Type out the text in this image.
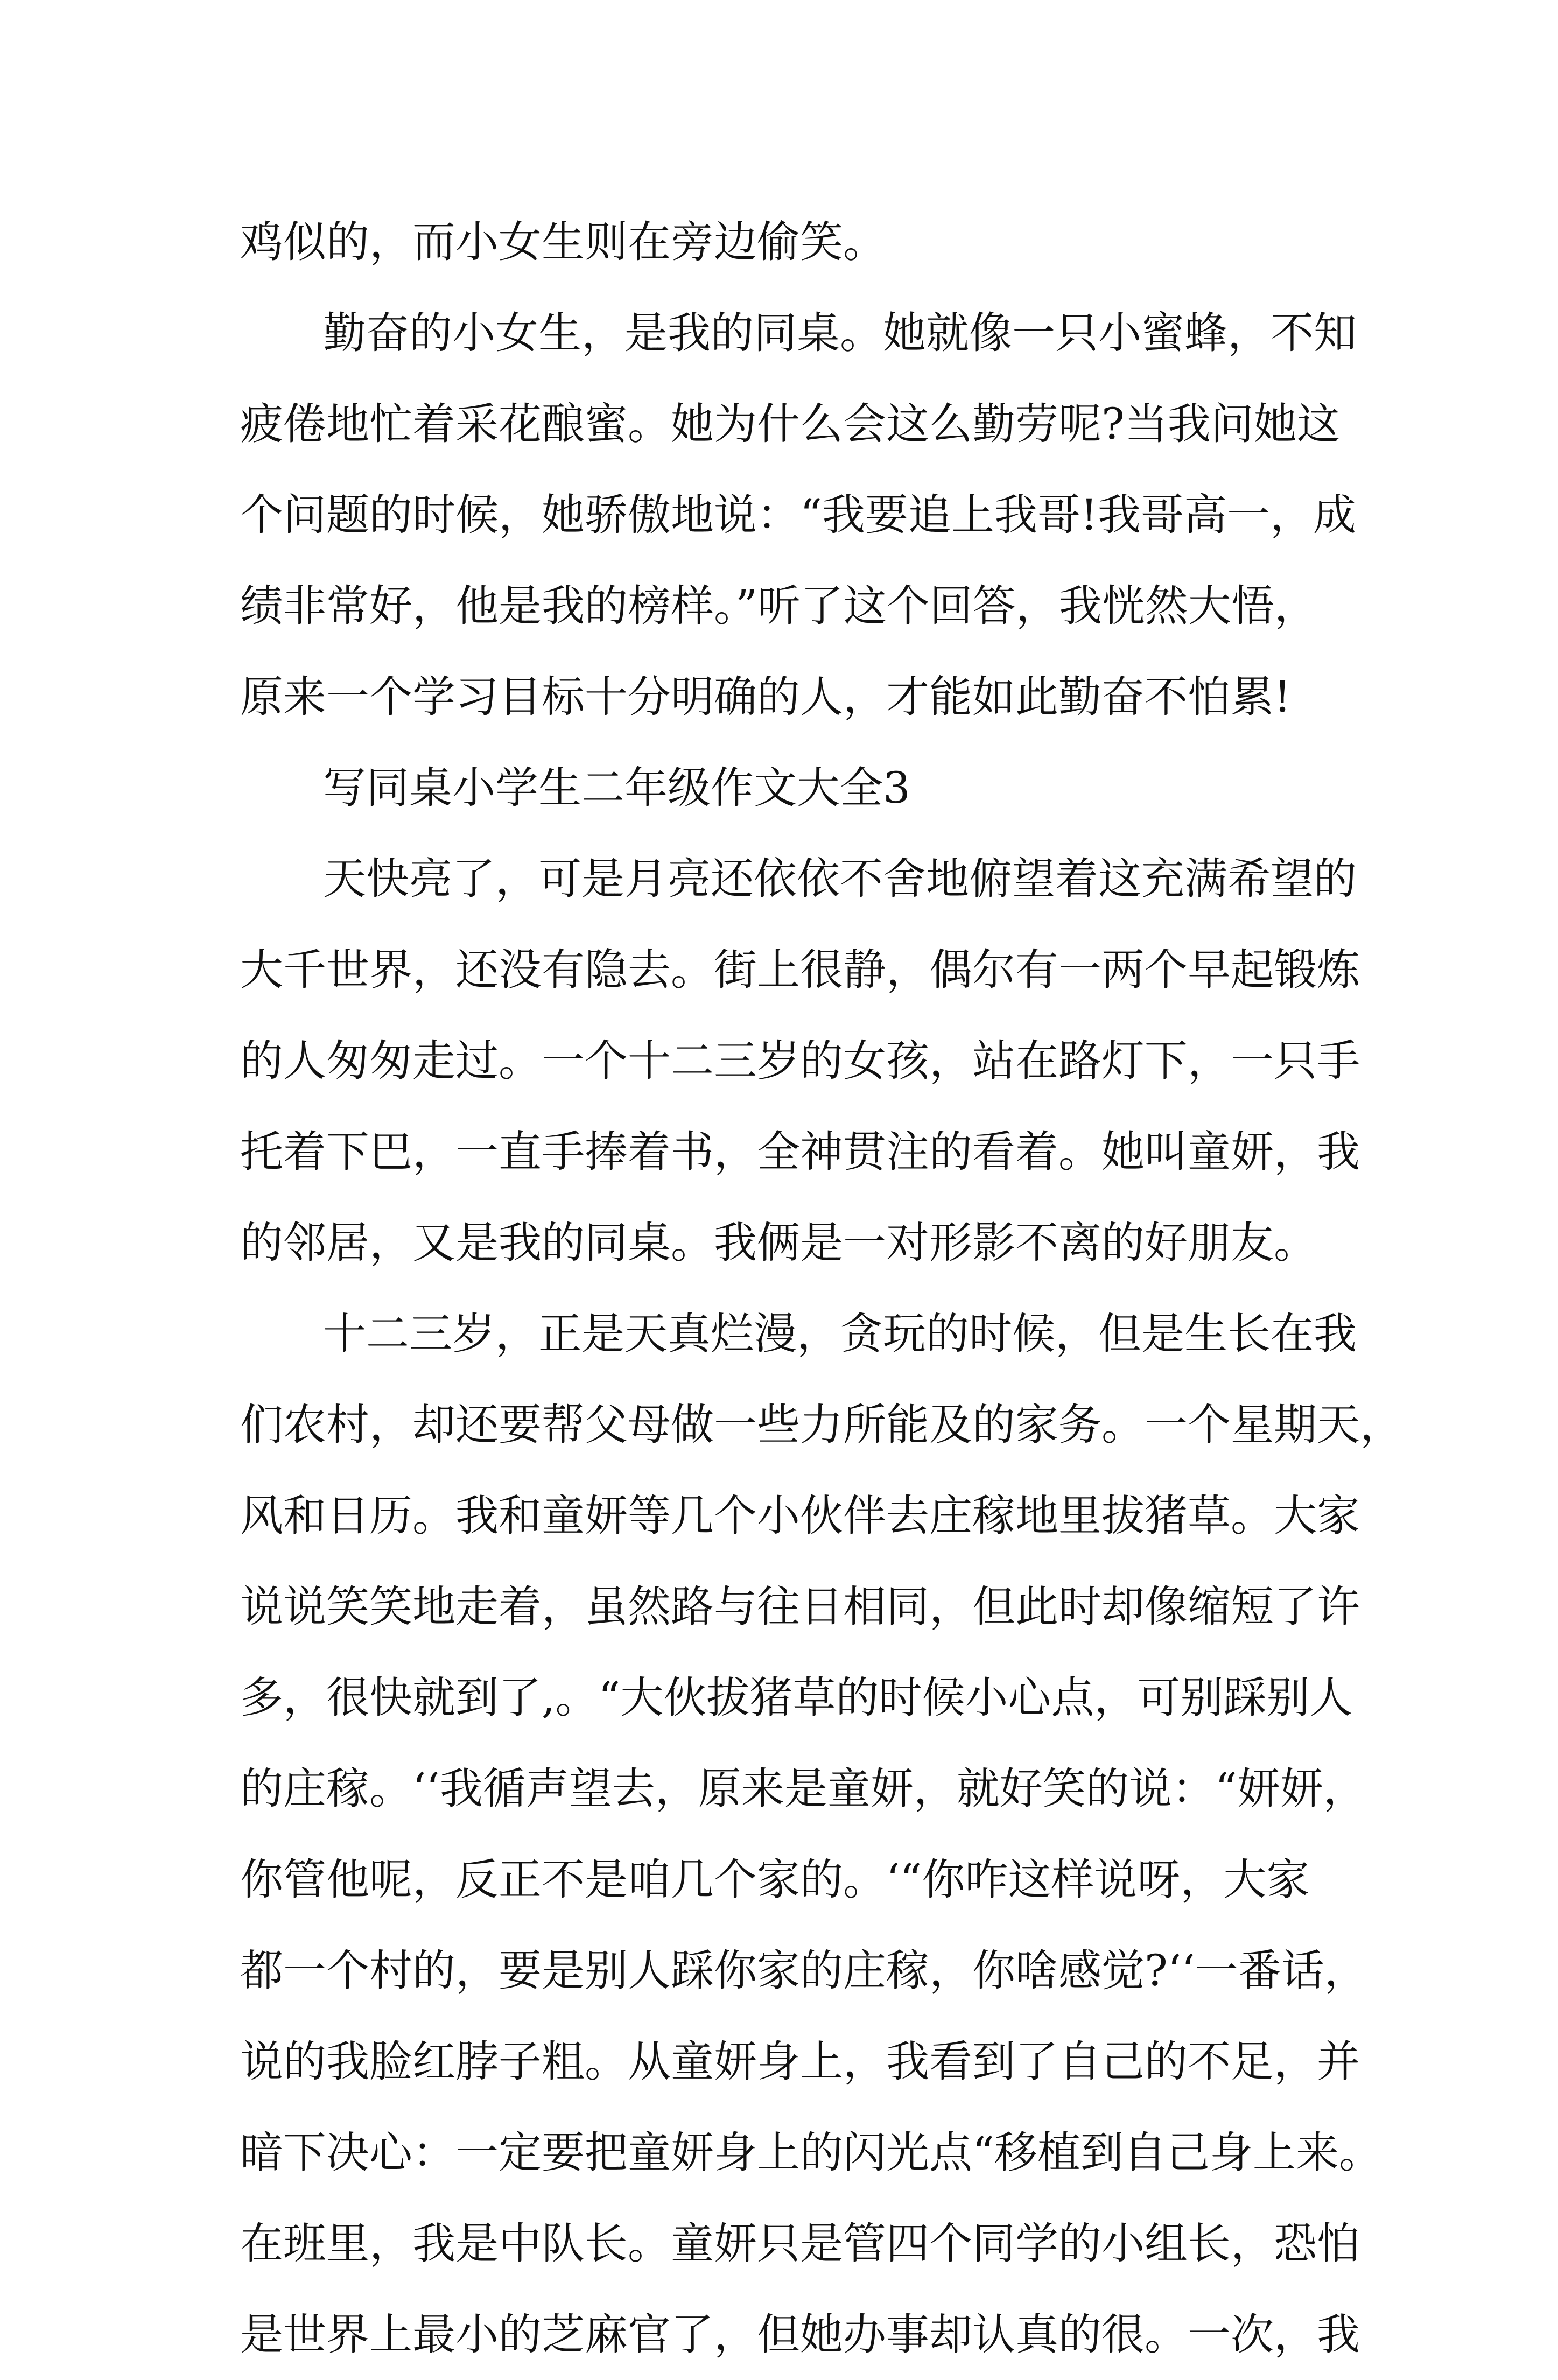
鸡似的，而小女生则在旁边偷笑。
勤奋的小女生，是我的同桌。她就像一只小蜜蜂，不知
疲倦地忙着采花酿蜜。她为什么会这么勤劳呢?当我问她这
个问题的时候，她骄傲地说：“我要追上我哥!我哥高一，成
绩非常好，他是我的榜样。”听了这个回答，我恍然大悟，
原来一个学习目标十分明确的人，才能如此勤奋不怕累!
写同桌小学生二年级作文大全3
天快亮了，可是月亮还依依不舍地俯望着这充满希望的
大千世界，还没有隐去。街上很静，偶尔有一两个早起锻炼
的人匆匆走过。一个十二三岁的女孩，站在路灯下，一只手
托着下巴，一直手捧着书，全神贯注的看着。她叫童妍，我
的邻居，又是我的同桌。我俩是一对形影不离的好朋友。
十二三岁，正是天真烂漫，贪玩的时候，但是生长在我
们农村，却还要帮父母做一些力所能及的家务。一个星期天，
风和日历。我和童妍等几个小伙伴去庄稼地里拔猪草。大家
说说笑笑地走着，虽然路与往日相同，但此时却像缩短了许
多，很快就到了,。“大伙拔猪草的时候小心点，可别踩别人
的庄稼。‘‘我循声望去，原来是童妍，就好笑的说：“妍妍，
你管他呢，反正不是咱几个家的。‘“你咋这样说呀，大家
都一个村的，要是别人踩你家的庄稼，你啥感觉?‘‘一番话，
说的我脸红脖子粗。从童妍身上，我看到了自己的不足，并
暗下决心：一定要把童妍身上的闪光点“移植到自己身上来。
在班里，我是中队长。童妍只是管四个同学的小组长，恐怕
是世界上最小的芝麻官了，但她办事却认真的很。一次，我
